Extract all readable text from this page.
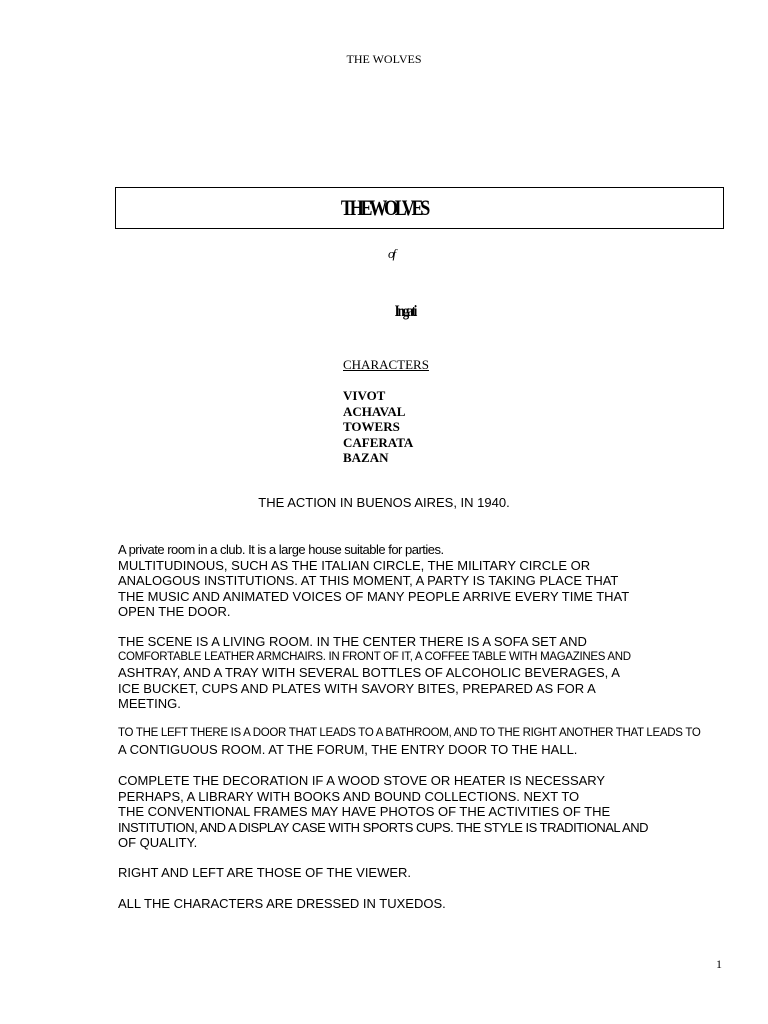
THE WOLVES
THEWOLVES
of
Ingati
CHARACTERS
VIVOT
ACHAVAL
TOWERS
CAFERATA
BAZAN
THE ACTION IN BUENOS AIRES, IN 1940.
A private room in a club. It is a large house suitable for parties.
MULTITUDINOUS, SUCH AS THE ITALIAN CIRCLE, THE MILITARY CIRCLE OR
ANALOGOUS INSTITUTIONS. AT THIS MOMENT, A PARTY IS TAKING PLACE THAT
THE MUSIC AND ANIMATED VOICES OF MANY PEOPLE ARRIVE EVERY TIME THAT
OPEN THE DOOR.
THE SCENE IS A LIVING ROOM. IN THE CENTER THERE IS A SOFA SET AND
COMFORTABLE LEATHER ARMCHAIRS. IN FRONT OF IT, A COFFEE TABLE WITH MAGAZINES AND
ASHTRAY, AND A TRAY WITH SEVERAL BOTTLES OF ALCOHOLIC BEVERAGES, A
ICE BUCKET, CUPS AND PLATES WITH SAVORY BITES, PREPARED AS FOR A
MEETING.
TO THE LEFT THERE IS A DOOR THAT LEADS TO A BATHROOM, AND TO THE RIGHT ANOTHER THAT LEADS TO
A CONTIGUOUS ROOM. AT THE FORUM, THE ENTRY DOOR TO THE HALL.
COMPLETE THE DECORATION IF A WOOD STOVE OR HEATER IS NECESSARY
PERHAPS, A LIBRARY WITH BOOKS AND BOUND COLLECTIONS. NEXT TO
THE CONVENTIONAL FRAMES MAY HAVE PHOTOS OF THE ACTIVITIES OF THE
INSTITUTION, AND A DISPLAY CASE WITH SPORTS CUPS. THE STYLE IS TRADITIONAL AND
OF QUALITY.
RIGHT AND LEFT ARE THOSE OF THE VIEWER.
ALL THE CHARACTERS ARE DRESSED IN TUXEDOS.
1
